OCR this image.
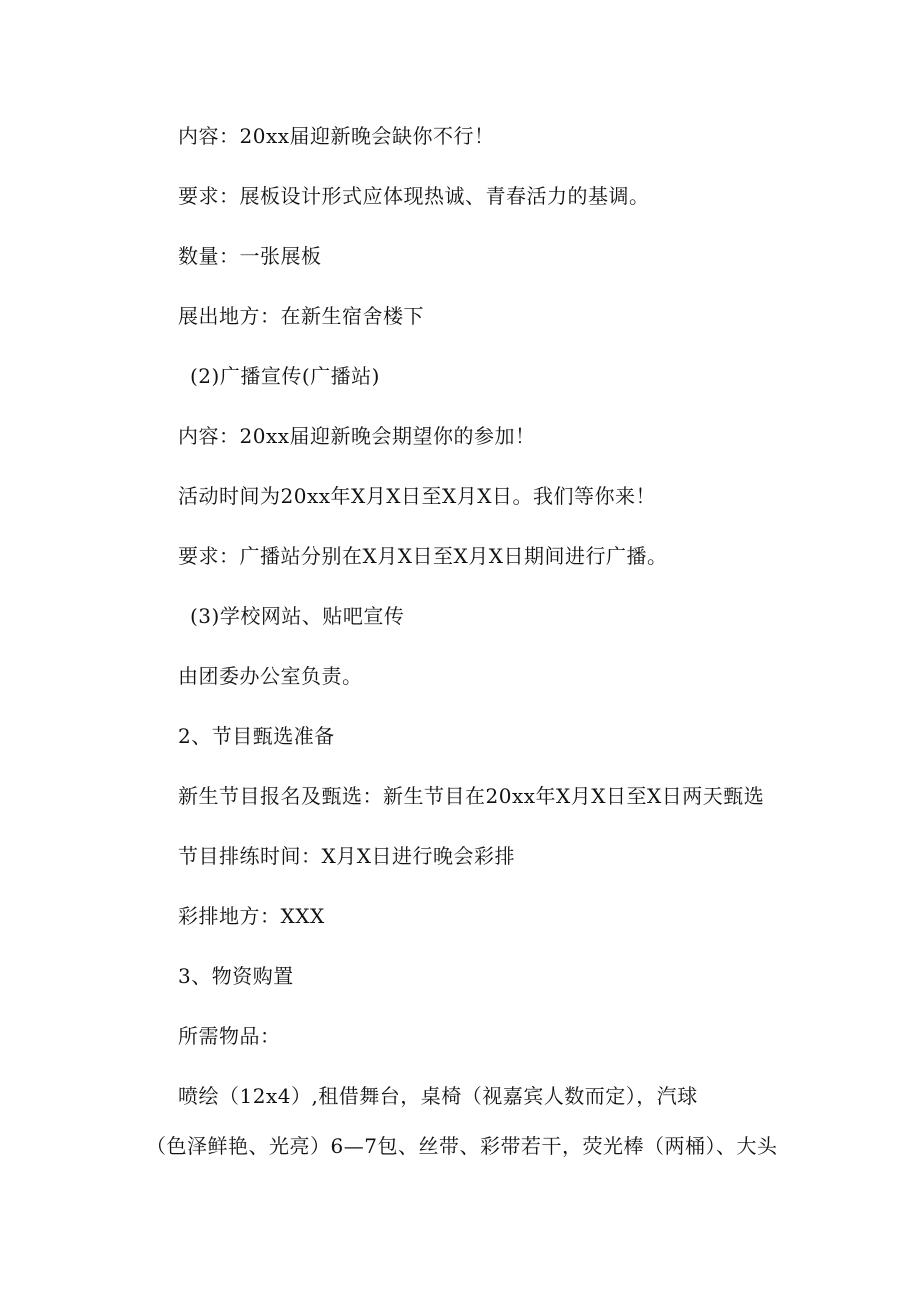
内容：20xx届迎新晚会缺你不行！
要求：展板设计形式应体现热诚、青春活力的基调。
数量：一张展板
展出地方：在新生宿舍楼下
(2)广播宣传(广播站)
内容：20xx届迎新晚会期望你的参加！
活动时间为20xx年X月X日至X月X日。我们等你来！
要求：广播站分别在X月X日至X月X日期间进行广播。
(3)学校网站、贴吧宣传
由团委办公室负责。
2、节目甄选准备
新生节目报名及甄选：新生节目在20xx年X月X日至X日两天甄选
节目排练时间：X月X日进行晚会彩排
彩排地方：XXX
3、物资购置
所需物品：
喷绘（12x4）,租借舞台，桌椅（视嘉宾人数而定），汽球
（色泽鲜艳、光亮）6—7包、丝带、彩带若干，荧光棒（两桶）、大头
